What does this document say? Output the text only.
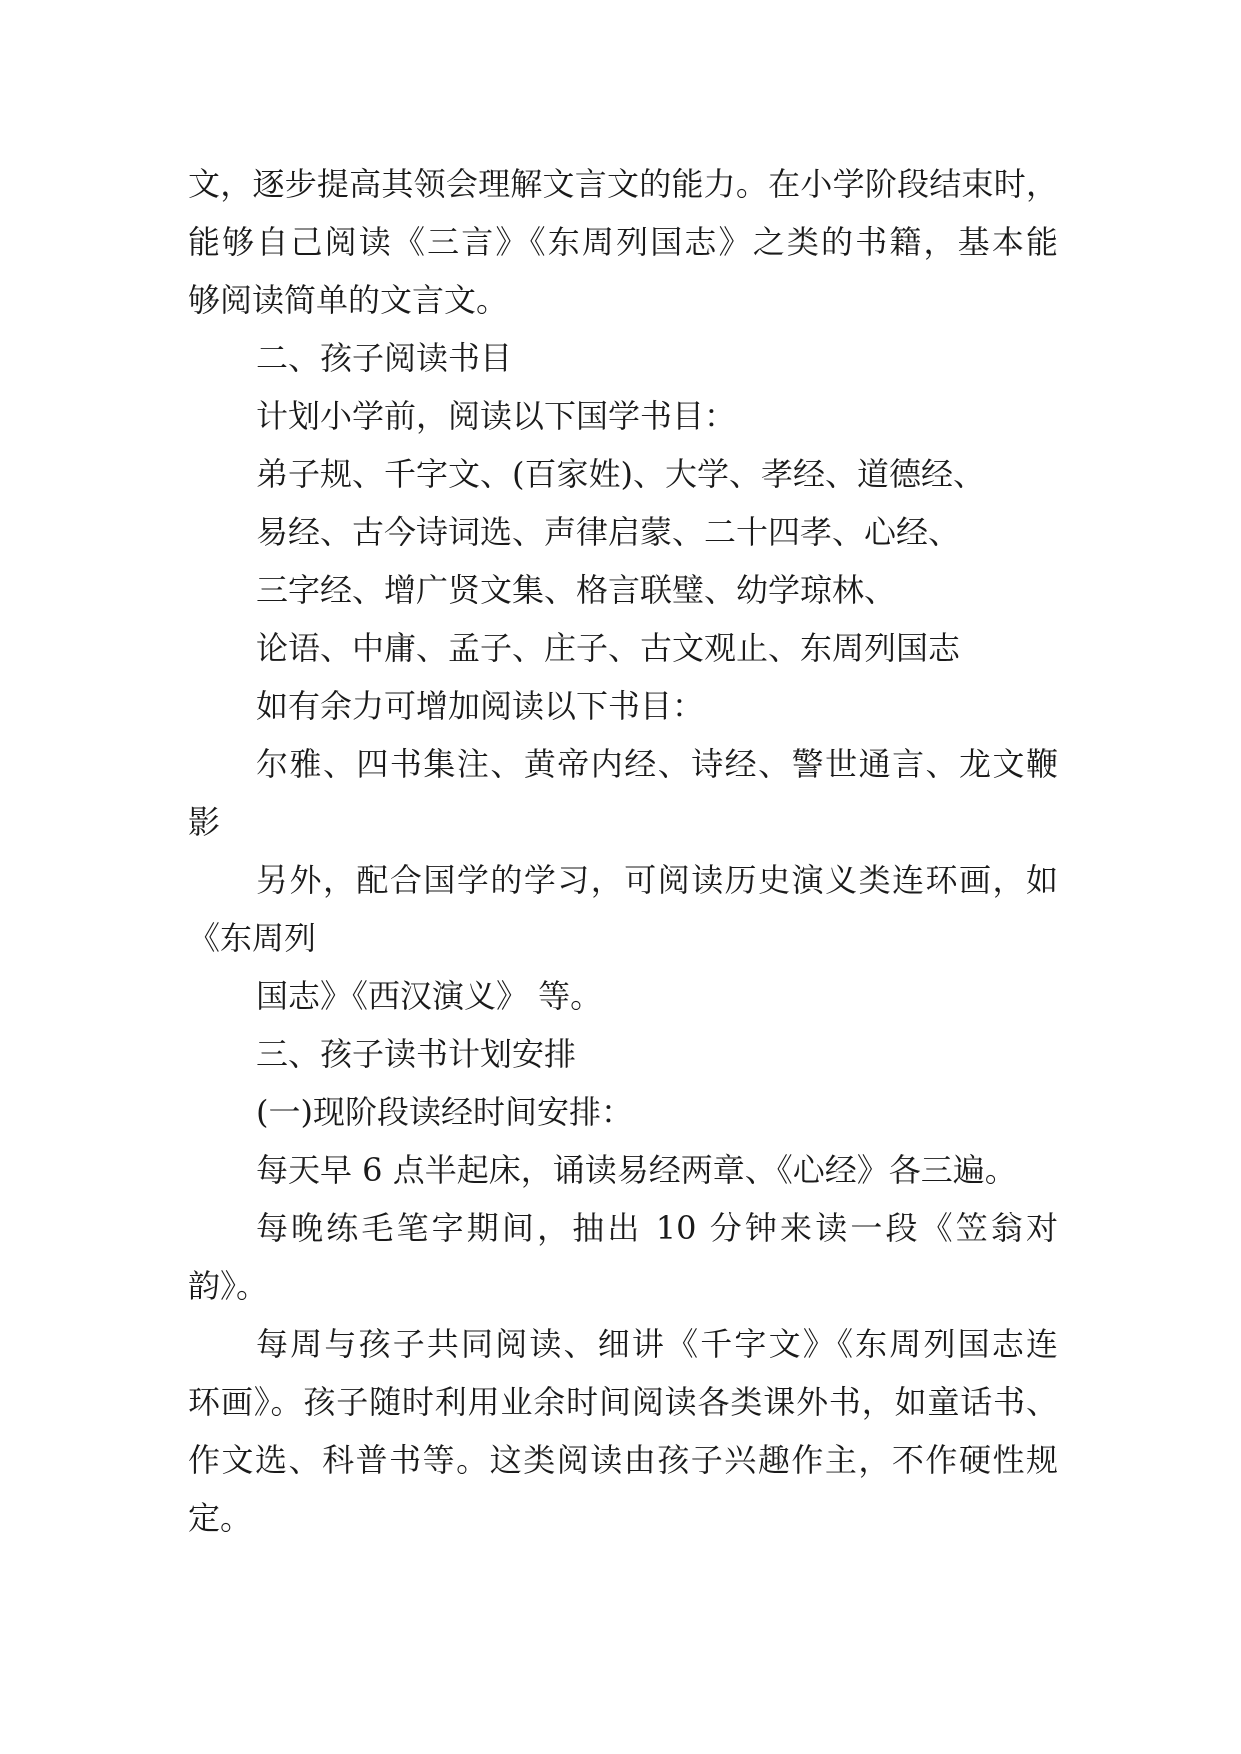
文，逐步提高其领会理解文言文的能力。在小学阶段结束时，
能够自己阅读《三言》《东周列国志》之类的书籍，基本能
够阅读简单的文言文。
二、孩子阅读书目
计划小学前，阅读以下国学书目：
弟子规、千字文、(百家姓)、大学、孝经、道德经、
易经、古今诗词选、声律启蒙、二十四孝、心经、
三字经、增广贤文集、格言联璧、幼学琼林、
论语、中庸、孟子、庄子、古文观止、东周列国志
如有余力可增加阅读以下书目：
尔雅、四书集注、黄帝内经、诗经、警世通言、龙文鞭
影
另外，配合国学的学习，可阅读历史演义类连环画，如
《东周列
国志》《西汉演义》 等。
三、孩子读书计划安排
(一)现阶段读经时间安排：
每天早 6 点半起床，诵读易经两章、《心经》各三遍。
每晚练毛笔字期间，抽出 10 分钟来读一段《笠翁对
韵》。
每周与孩子共同阅读、细讲《千字文》《东周列国志连
环画》。孩子随时利用业余时间阅读各类课外书，如童话书、
作文选、科普书等。这类阅读由孩子兴趣作主，不作硬性规
定。
